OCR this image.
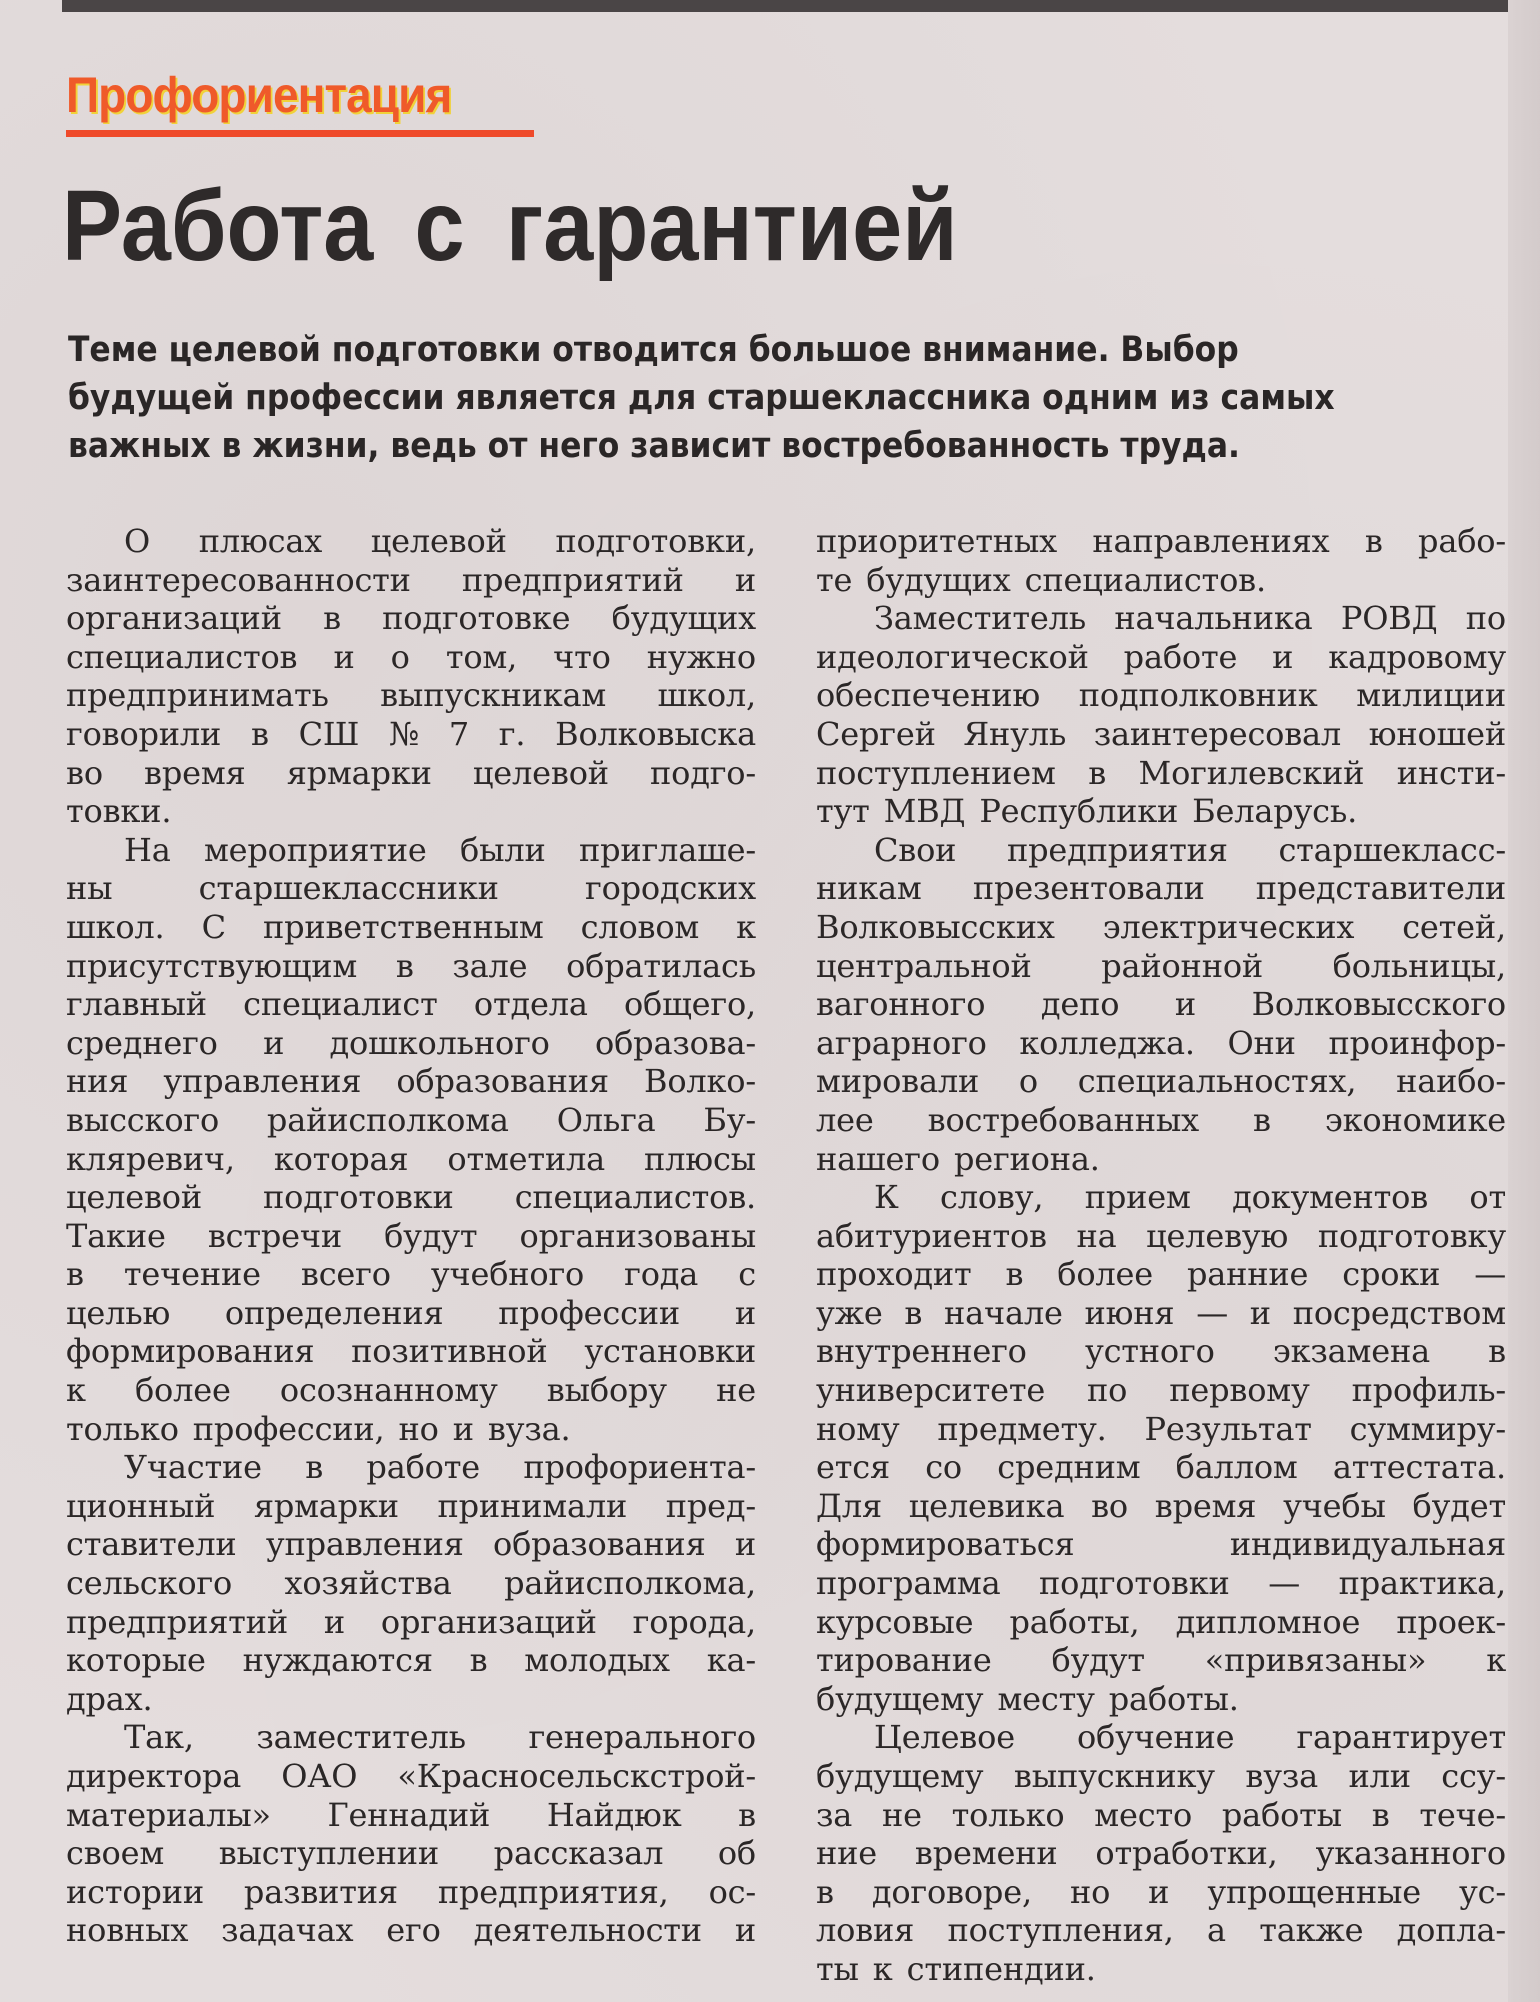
Профориентация
Работа с гарантией
Теме целевой подготовки отводится большое внимание. Выбор
будущей профессии является для старшеклассника одним из самых
важных в жизни, ведь от него зависит востребованность труда.
О плюсах целевой подготовки,
заинтересованности предприятий и
организаций в подготовке будущих
специалистов и о том, что нужно
предпринимать выпускникам школ,
говорили в СШ № 7 г. Волковыска
во время ярмарки целевой подго-
товки.
На мероприятие были приглаше-
ны	старшеклассники	городских
школ. С приветственным словом к
присутствующим в зале обратилась
главный специалист отдела общего,
среднего и дошкольного образова-
ния управления образования Волко-
высского райисполкома Ольга Бу-
кляревич, которая отметила плюсы
целевой подготовки специалистов.
Такие встречи будут организованы
в течение всего учебного года с
целью определения профессии и
формирования позитивной установки
к более осознанному выбору не
только профессии, но и вуза.
Участие в работе профориента-
ционный ярмарки принимали пред-
ставители управления образования и
сельского хозяйства райисполкома,
предприятий и организаций города,
которые нуждаются в молодых ка-
драх.
Так, заместитель генерального
директора ОАО «Красносельскстрой-
материалы» Геннадий Найдюк в
своем выступлении рассказал об
истории развития предприятия, ос-
новных задачах его деятельности и
приоритетных направлениях в рабо-
те будущих специалистов.
Заместитель начальника РОВД по
идеологической работе и кадровому
обеспечению подполковник милиции
Сергей Януль заинтересовал юношей
поступлением в Могилевский инсти-
тут МВД Республики Беларусь.
Свои предприятия старшекласс-
никам презентовали представители
Волковысских электрических сетей,
центральной районной больницы,
вагонного депо и Волковысского
аграрного колледжа. Они проинфор-
мировали о специальностях, наибо-
лее востребованных в экономике
нашего региона.
К слову, прием документов от
абитуриентов на целевую подготовку
проходит в более ранние сроки —
уже в начале июня — и посредством
внутреннего устного экзамена в
университете по первому профиль-
ному предмету. Результат суммиру-
ется со средним баллом аттестата.
Для целевика во время учебы будет
формироваться	индивидуальная
программа подготовки — практика,
курсовые работы, дипломное проек-
тирование будут «привязаны» к
будущему месту работы.
Целевое обучение гарантирует
будущему выпускнику вуза или ссу-
за не только место работы в тече-
ние времени отработки, указанного
в договоре, но и упрощенные ус-
ловия поступления, а также допла-
ты к стипендии.
